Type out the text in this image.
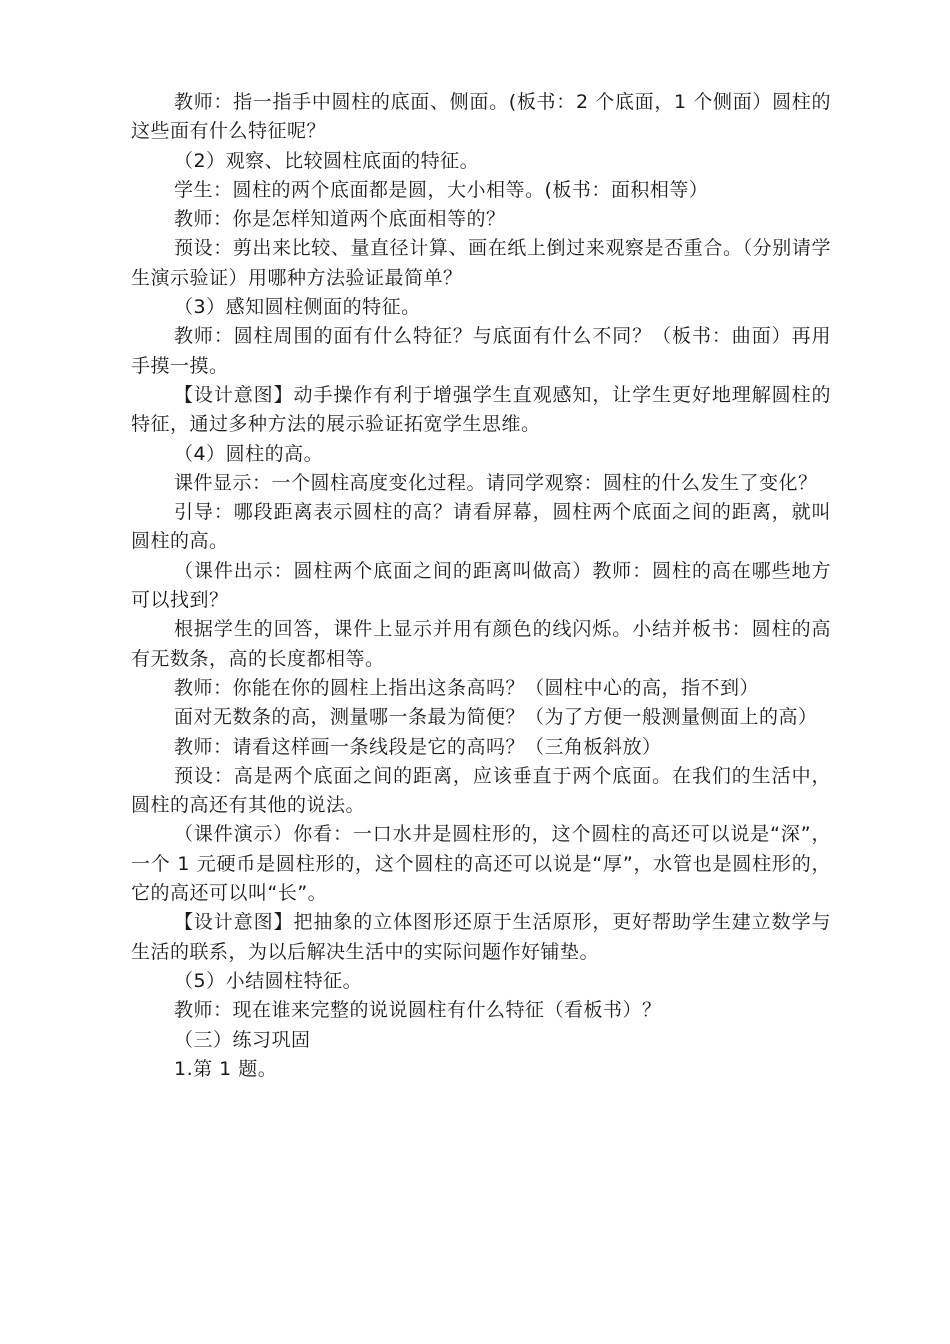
教师：指一指手中圆柱的底面、侧面。(板书：2 个底面，1 个侧面）圆柱的这些面有什么特征呢？

（2）观察、比较圆柱底面的特征。

学生：圆柱的两个底面都是圆，大小相等。(板书：面积相等）

教师：你是怎样知道两个底面相等的？

预设：剪出来比较、量直径计算、画在纸上倒过来观察是否重合。（分别请学生演示验证）用哪种方法验证最简单？

（3）感知圆柱侧面的特征。

教师：圆柱周围的面有什么特征？与底面有什么不同？（板书：曲面）再用手摸一摸。

【设计意图】动手操作有利于增强学生直观感知，让学生更好地理解圆柱的特征，通过多种方法的展示验证拓宽学生思维。

（4）圆柱的高。

课件显示：一个圆柱高度变化过程。请同学观察：圆柱的什么发生了变化？

引导：哪段距离表示圆柱的高？请看屏幕，圆柱两个底面之间的距离，就叫圆柱的高。

（课件出示：圆柱两个底面之间的距离叫做高）教师：圆柱的高在哪些地方可以找到？

根据学生的回答，课件上显示并用有颜色的线闪烁。小结并板书：圆柱的高有无数条，高的长度都相等。

教师：你能在你的圆柱上指出这条高吗？（圆柱中心的高，指不到）

面对无数条的高，测量哪一条最为简便？（为了方便一般测量侧面上的高）

教师：请看这样画一条线段是它的高吗？（三角板斜放）

预设：高是两个底面之间的距离，应该垂直于两个底面。在我们的生活中，圆柱的高还有其他的说法。

（课件演示）你看：一口水井是圆柱形的，这个圆柱的高还可以说是“深”，一个 1 元硬币是圆柱形的，这个圆柱的高还可以说是“厚”，水管也是圆柱形的，它的高还可以叫“长”。

【设计意图】把抽象的立体图形还原于生活原形，更好帮助学生建立数学与生活的联系，为以后解决生活中的实际问题作好铺垫。

（5）小结圆柱特征。

教师：现在谁来完整的说说圆柱有什么特征（看板书）？

（三）练习巩固

1.第 1 题。
